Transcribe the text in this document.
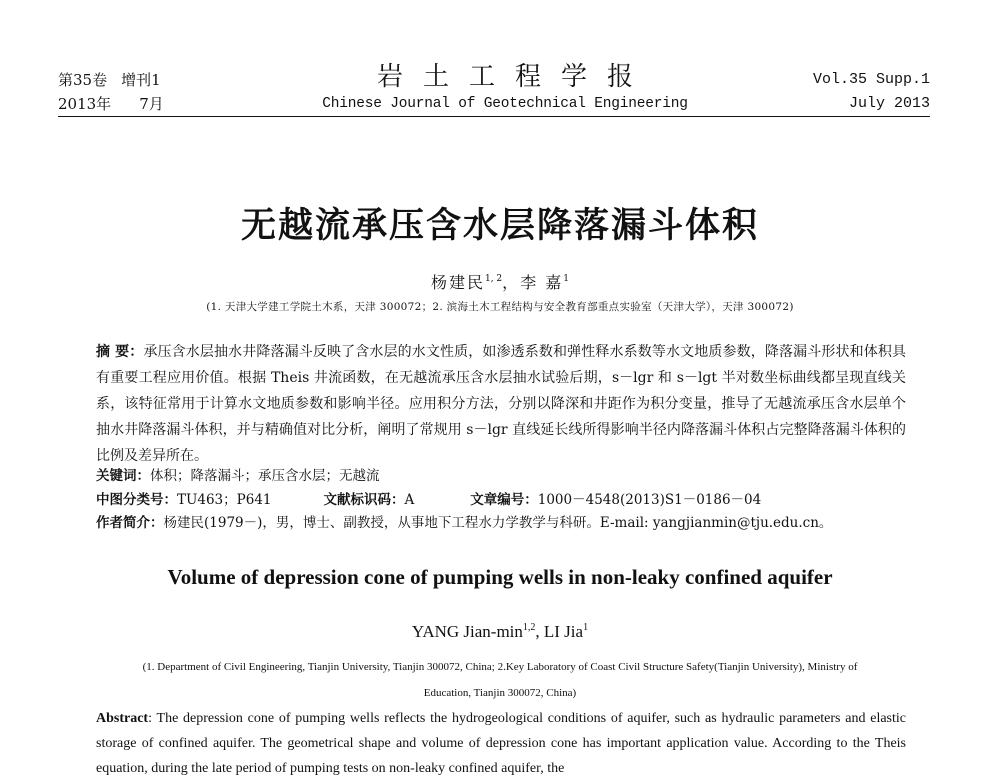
第35卷 增刊1
2013年 7月
岩土工程学报
Chinese Journal of Geotechnical Engineering
Vol.35 Supp.1
July 2013
无越流承压含水层降落漏斗体积
杨建民$^{1, 2}$，李 嘉$^1$
(1. 天津大学建工学院土木系，天津 300072；2. 滨海土木工程结构与安全教育部重点实验室（天津大学），天津 300072)
摘 要：承压含水层抽水井降落漏斗反映了含水层的水文性质，如渗透系数和弹性释水系数等水文地质参数，降落漏斗形状和体积具有重要工程应用价值。根据 Theis 井流函数，在无越流承压含水层抽水试验后期，s－lgr 和 s－lgt 半对数坐标曲线都呈现直线关系，该特征常用于计算水文地质参数和影响半径。应用积分方法，分别以降深和井距作为积分变量，推导了无越流承压含水层单个抽水井降落漏斗体积，并与精确值对比分析，阐明了常规用 s－lgr 直线延长线所得影响半径内降落漏斗体积占完整降落漏斗体积的比例及差异所在。
关键词：体积；降落漏斗；承压含水层；无越流
中图分类号：TU463；P641	文献标识码：A	文章编号：1000－4548(2013)S1－0186－04
作者简介：杨建民(1979－)，男，博士、副教授，从事地下工程水力学教学与科研。E-mail: yangjianmin@tju.edu.cn。
Volume of depression cone of pumping wells in non-leaky confined aquifer
YANG Jian-$\min^{1,2}$, LI Jia$^1$
(1. Department of Civil Engineering, Tianjin University, Tianjin 300072, China; 2.Key Laboratory of Coast Civil Structure Safety(Tianjin University), Ministry of Education, Tianjin 300072, China)
Abstract: The depression cone of pumping wells reflects the hydrogeological conditions of aquifer, such as hydraulic parameters and elastic storage of confined aquifer. The geometrical shape and volume of depression cone has important application value. According to the Theis equation, during the late period of pumping tests on non-leaky confined aquifer, the
